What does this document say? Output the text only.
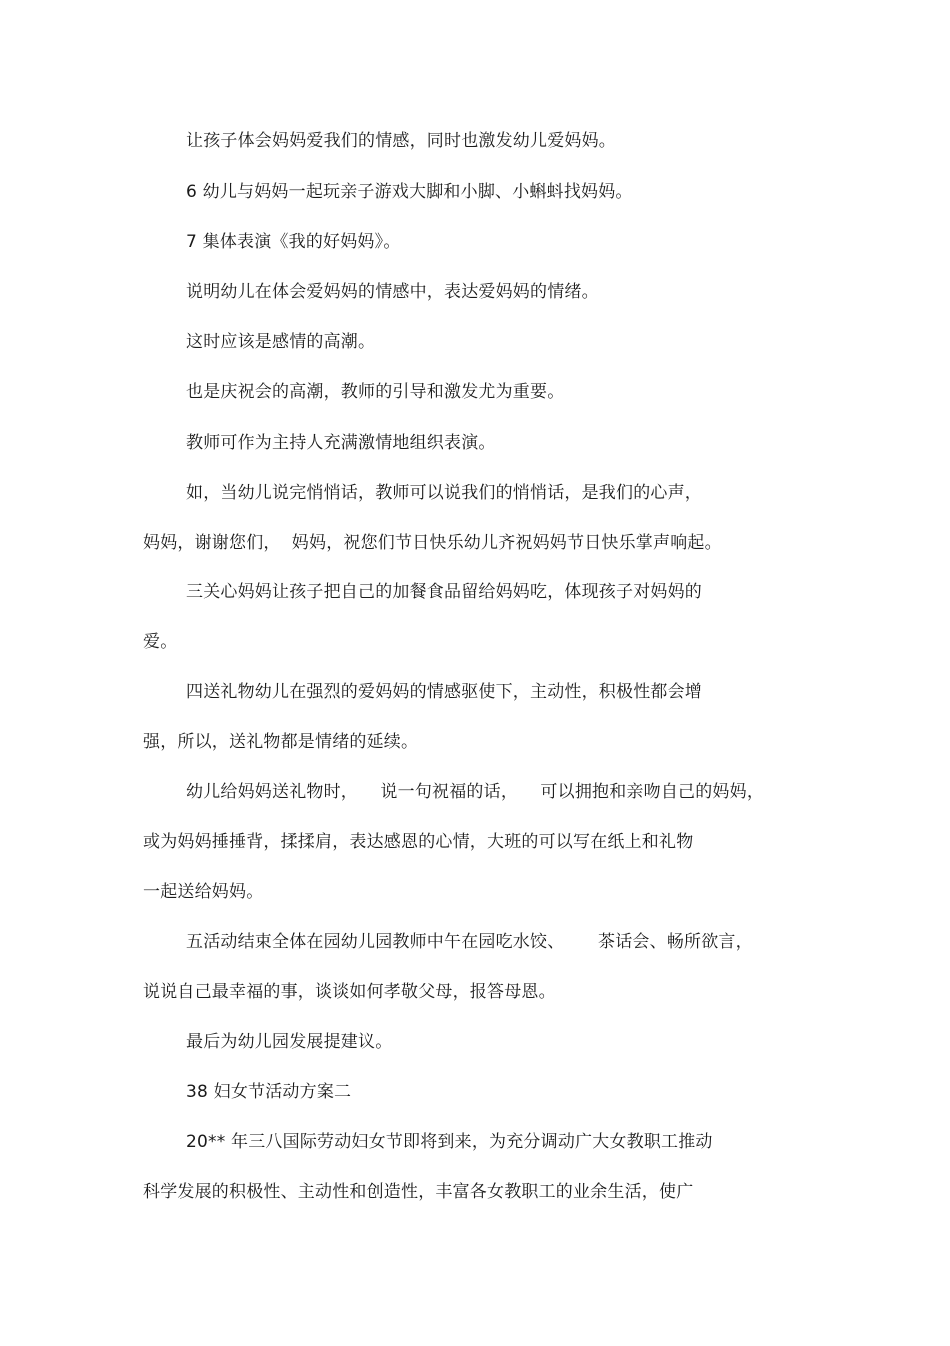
让孩子体会妈妈爱我们的情感，同时也激发幼儿爱妈妈。
6 幼儿与妈妈一起玩亲子游戏大脚和小脚、小蝌蚪找妈妈。
7 集体表演《我的好妈妈》。
说明幼儿在体会爱妈妈的情感中，表达爱妈妈的情绪。
这时应该是感情的高潮。
也是庆祝会的高潮，教师的引导和激发尤为重要。
教师可作为主持人充满激情地组织表演。
如，当幼儿说完悄悄话，教师可以说我们的悄悄话，是我们的心声，
妈妈，谢谢您们，  妈妈，祝您们节日快乐幼儿齐祝妈妈节日快乐掌声响起。
三关心妈妈让孩子把自己的加餐食品留给妈妈吃，体现孩子对妈妈的
爱。
四送礼物幼儿在强烈的爱妈妈的情感驱使下，主动性，积极性都会增
强，所以，送礼物都是情绪的延续。
幼儿给妈妈送礼物时，    说一句祝福的话，    可以拥抱和亲吻自己的妈妈，
或为妈妈捶捶背，揉揉肩，表达感恩的心情，大班的可以写在纸上和礼物
一起送给妈妈。
五活动结束全体在园幼儿园教师中午在园吃水饺、      茶话会、畅所欲言，
说说自己最幸福的事，谈谈如何孝敬父母，报答母恩。
最后为幼儿园发展提建议。
38 妇女节活动方案二
20** 年三八国际劳动妇女节即将到来，为充分调动广大女教职工推动
科学发展的积极性、主动性和创造性，丰富各女教职工的业余生活，使广
